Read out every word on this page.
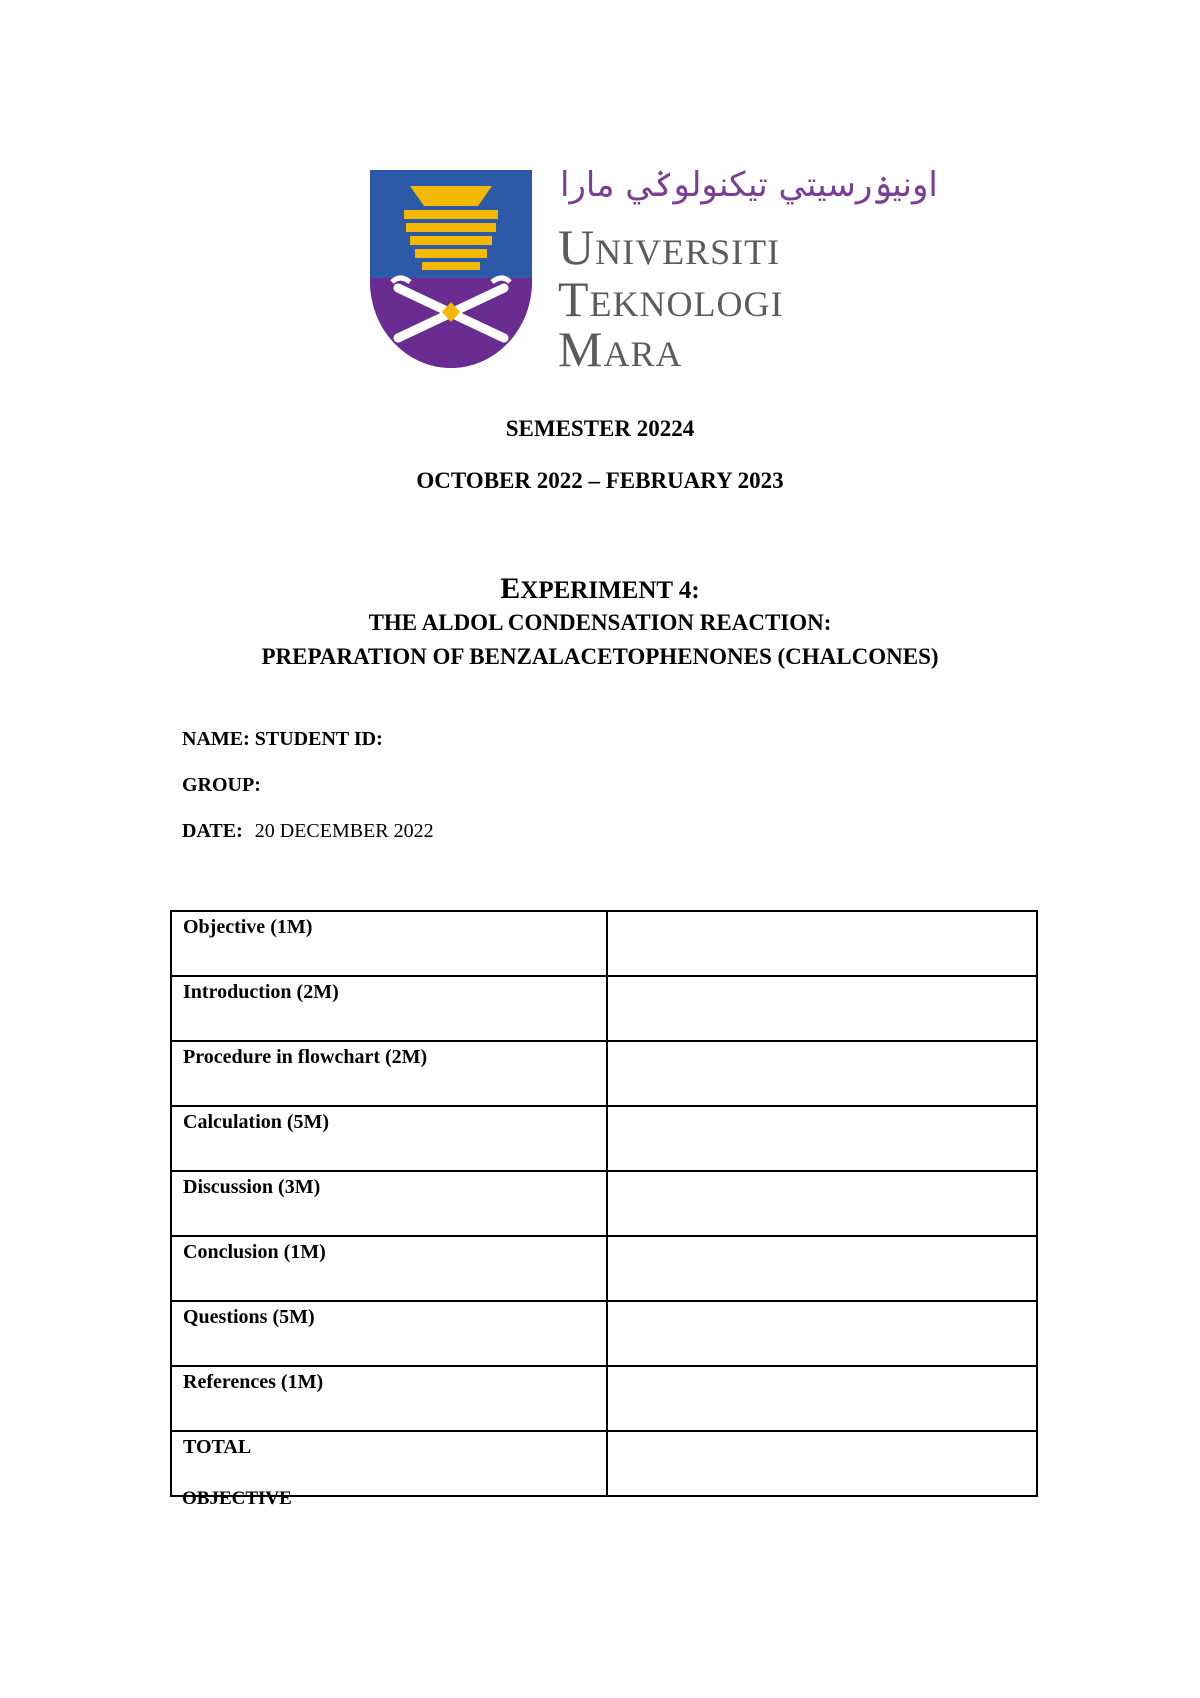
اونيۏرسيتي تيكنولوݢي مارا
UNIVERSITI
TEKNOLOGI
MARA

SEMESTER 20224

OCTOBER 2022 – FEBRUARY 2023

EXPERIMENT 4:

THE ALDOL CONDENSATION REACTION:

PREPARATION OF BENZALACETOPHENONES (CHALCONES)

NAME: STUDENT ID:

GROUP:

DATE: 20 DECEMBER 2022

Objective (1M)	
Introduction (2M)	
Procedure in flowchart (2M)	
Calculation (5M)	
Discussion (3M)	
Conclusion (1M)	
Questions (5M)	
References (1M)	
TOTAL	

OBJECTIVE
